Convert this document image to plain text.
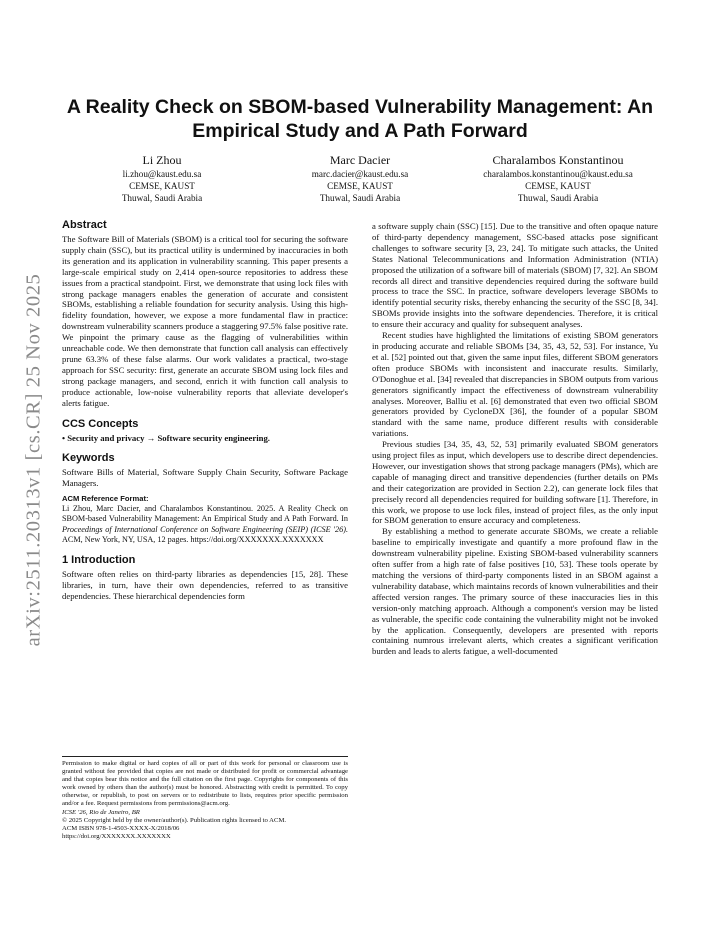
arXiv:2511.20313v1 [cs.CR] 25 Nov 2025
A Reality Check on SBOM-based Vulnerability Management: An Empirical Study and A Path Forward
Li Zhou
li.zhou@kaust.edu.sa
CEMSE, KAUST
Thuwal, Saudi Arabia
Marc Dacier
marc.dacier@kaust.edu.sa
CEMSE, KAUST
Thuwal, Saudi Arabia
Charalambos Konstantinou
charalambos.konstantinou@kaust.edu.sa
CEMSE, KAUST
Thuwal, Saudi Arabia
Abstract

The Software Bill of Materials (SBOM) is a critical tool for securing the software supply chain (SSC), but its practical utility is undermined by inaccuracies in both its generation and its application in vulnerability scanning. This paper presents a large-scale empirical study on 2,414 open-source repositories to address these issues from a practical standpoint. First, we demonstrate that using lock files with strong package managers enables the generation of accurate and consistent SBOMs, establishing a reliable foundation for security analysis. Using this high-fidelity foundation, however, we expose a more fundamental flaw in practice: downstream vulnerability scanners produce a staggering 97.5% false positive rate. We pinpoint the primary cause as the flagging of vulnerabilities within unreachable code. We then demonstrate that function call analysis can effectively prune 63.3% of these false alarms. Our work validates a practical, two-stage approach for SSC security: first, generate an accurate SBOM using lock files and strong package managers, and second, enrich it with function call analysis to produce actionable, low-noise vulnerability reports that alleviate developer's alerts fatigue.

CCS Concepts

• Security and privacy → Software security engineering.

Keywords

Software Bills of Material, Software Supply Chain Security, Software Package Managers.

ACM Reference Format:

Li Zhou, Marc Dacier, and Charalambos Konstantinou. 2025. A Reality Check on SBOM-based Vulnerability Management: An Empirical Study and A Path Forward. In Proceedings of International Conference on Software Engineering (SEIP) (ICSE '26). ACM, New York, NY, USA, 12 pages. https://doi.org/XXXXXXX.XXXXXXX

1 Introduction

Software often relies on third-party libraries as dependencies [15, 28]. These libraries, in turn, have their own dependencies, referred to as transitive dependencies. These hierarchical dependencies form

Permission to make digital or hard copies of all or part of this work for personal or classroom use is granted without fee provided that copies are not made or distributed for profit or commercial advantage and that copies bear this notice and the full citation on the first page. Copyrights for components of this work owned by others than the author(s) must be honored. Abstracting with credit is permitted. To copy otherwise, or republish, to post on servers or to redistribute to lists, requires prior specific permission and/or a fee. Request permissions from permissions@acm.org.

ICSE '26, Rio de Janeiro, BR

© 2025 Copyright held by the owner/author(s). Publication rights licensed to ACM.

ACM ISBN 978-1-4503-XXXX-X/2018/06

https://doi.org/XXXXXXX.XXXXXXX

a software supply chain (SSC) [15]. Due to the transitive and often opaque nature of third-party dependency management, SSC-based attacks pose significant challenges to software security [3, 23, 24]. To mitigate such attacks, the United States National Telecommunications and Information Administration (NTIA) proposed the utilization of a software bill of materials (SBOM) [7, 32]. An SBOM records all direct and transitive dependencies required during the software build process to trace the SSC. In practice, software developers leverage SBOMs to identify potential security risks, thereby enhancing the security of the SSC [8, 34]. SBOMs provide insights into the software dependencies. Therefore, it is critical to ensure their accuracy and quality for subsequent analyses.

Recent studies have highlighted the limitations of existing SBOM generators in producing accurate and reliable SBOMs [34, 35, 43, 52, 53]. For instance, Yu et al. [52] pointed out that, given the same input files, different SBOM generators often produce SBOMs with inconsistent and inaccurate results. Similarly, O'Donoghue et al. [34] revealed that discrepancies in SBOM outputs from various generators significantly impact the effectiveness of downstream vulnerability analyses. Moreover, Balliu et al. [6] demonstrated that even two official SBOM generators provided by CycloneDX [36], the founder of a popular SBOM standard with the same name, produce different results with considerable variations.

Previous studies [34, 35, 43, 52, 53] primarily evaluated SBOM generators using project files as input, which developers use to describe direct dependencies. However, our investigation shows that strong package managers (PMs), which are capable of managing direct and transitive dependencies (further details on PMs and their categorization are provided in Section 2.2), can generate lock files that precisely record all dependencies required for building software [1]. Therefore, in this work, we propose to use lock files, instead of project files, as the only input for SBOM generation to ensure accuracy and completeness.

By establishing a method to generate accurate SBOMs, we create a reliable baseline to empirically investigate and quantify a more profound flaw in the downstream vulnerability pipeline. Existing SBOM-based vulnerability scanners often suffer from a high rate of false positives [10, 53]. These tools operate by matching the versions of third-party components listed in an SBOM against a vulnerability database, which maintains records of known vulnerabilities and their affected version ranges. The primary source of these inaccuracies lies in this version-only matching approach. Although a component's version may be listed as vulnerable, the specific code containing the vulnerability might not be invoked by the application. Consequently, developers are presented with reports containing numrous irrelevant alerts, which creates a significant verification burden and leads to alerts fatigue, a well-documented
